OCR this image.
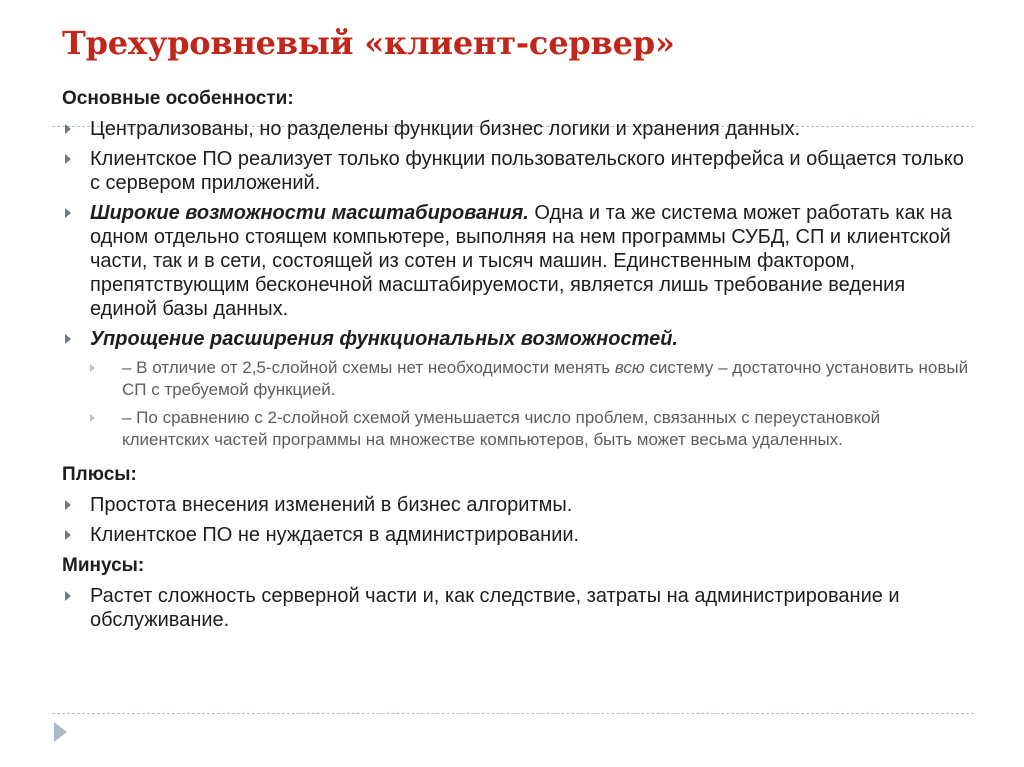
Трехуровневый «клиент-сервер»
Основные особенности:
Централизованы, но разделены функции бизнес логики и хранения данных.
Клиентское ПО реализует только функции пользовательского интерфейса и общается только с сервером приложений.
Широкие возможности масштабирования. Одна и та же система может работать как на одном отдельно стоящем компьютере, выполняя на нем программы СУБД, СП и клиентской части, так и в сети, состоящей из сотен и тысяч машин. Единственным фактором, препятствующим бесконечной масштабируемости, является лишь требование ведения единой базы данных.
Упрощение расширения функциональных возможностей.
– В отличие от 2,5-слойной схемы нет необходимости менять всю систему – достаточно установить новый СП с требуемой функцией.
– По сравнению с 2-слойной схемой уменьшается число проблем, связанных с переустановкой клиентских частей программы на множестве компьютеров, быть может весьма удаленных.
Плюсы:
Простота внесения изменений в бизнес алгоритмы.
Клиентское ПО не нуждается в администрировании.
Минусы:
Растет сложность серверной части и, как следствие, затраты на администрирование и обслуживание.
